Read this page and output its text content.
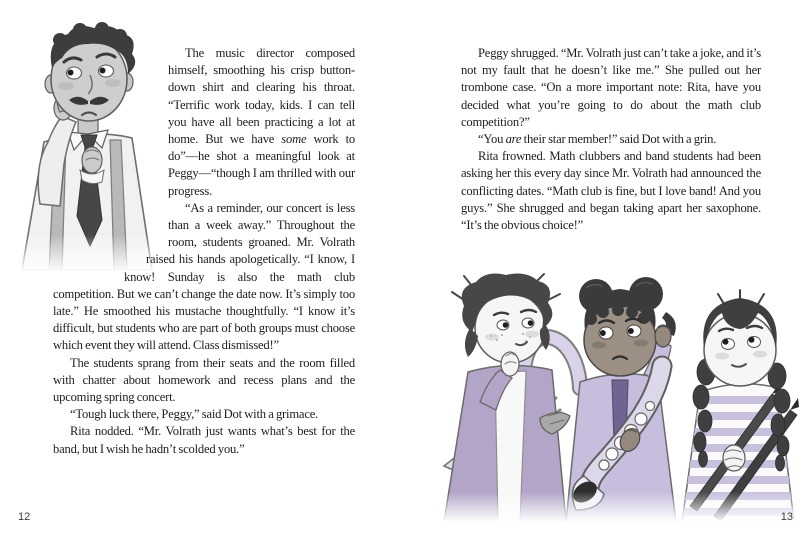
The music director composed himself, smoothing his crisp button-down shirt and clearing his throat. “Terrific work today, kids. I can tell you have all been practicing a lot at home. But we have some work to do”—he shot a meaningful look at Peggy—“though I am thrilled with our progress.

“As a reminder, our concert is less than a week away.” Throughout the room, students groaned. Mr. Volrath raised his hands apologetically. “I know, I know! Sunday is also the math club competition. But we can’t change the date now. It’s simply too late.” He smoothed his mustache thoughtfully. “I know it’s difficult, but students who are part of both groups must choose which event they will attend. Class dismissed!”

The students sprang from their seats and the room filled with chatter about homework and recess plans and the upcoming spring concert.

“Tough luck there, Peggy,” said Dot with a grimace.

Rita nodded. “Mr. Volrath just wants what’s best for the band, but I wish he hadn’t scolded you.”

12

Peggy shrugged. “Mr. Volrath just can’t take a joke, and it’s not my fault that he doesn’t like me.” She pulled out her trombone case. “On a more important note: Rita, have you decided what you’re going to do about the math club competition?”

“You are their star member!” said Dot with a grin.

Rita frowned. Math clubbers and band students had been asking her this every day since Mr. Volrath had announced the conflicting dates. “Math club is fine, but I love band! And you guys.” She shrugged and began taking apart her saxophone. “It’s the obvious choice!”

13
